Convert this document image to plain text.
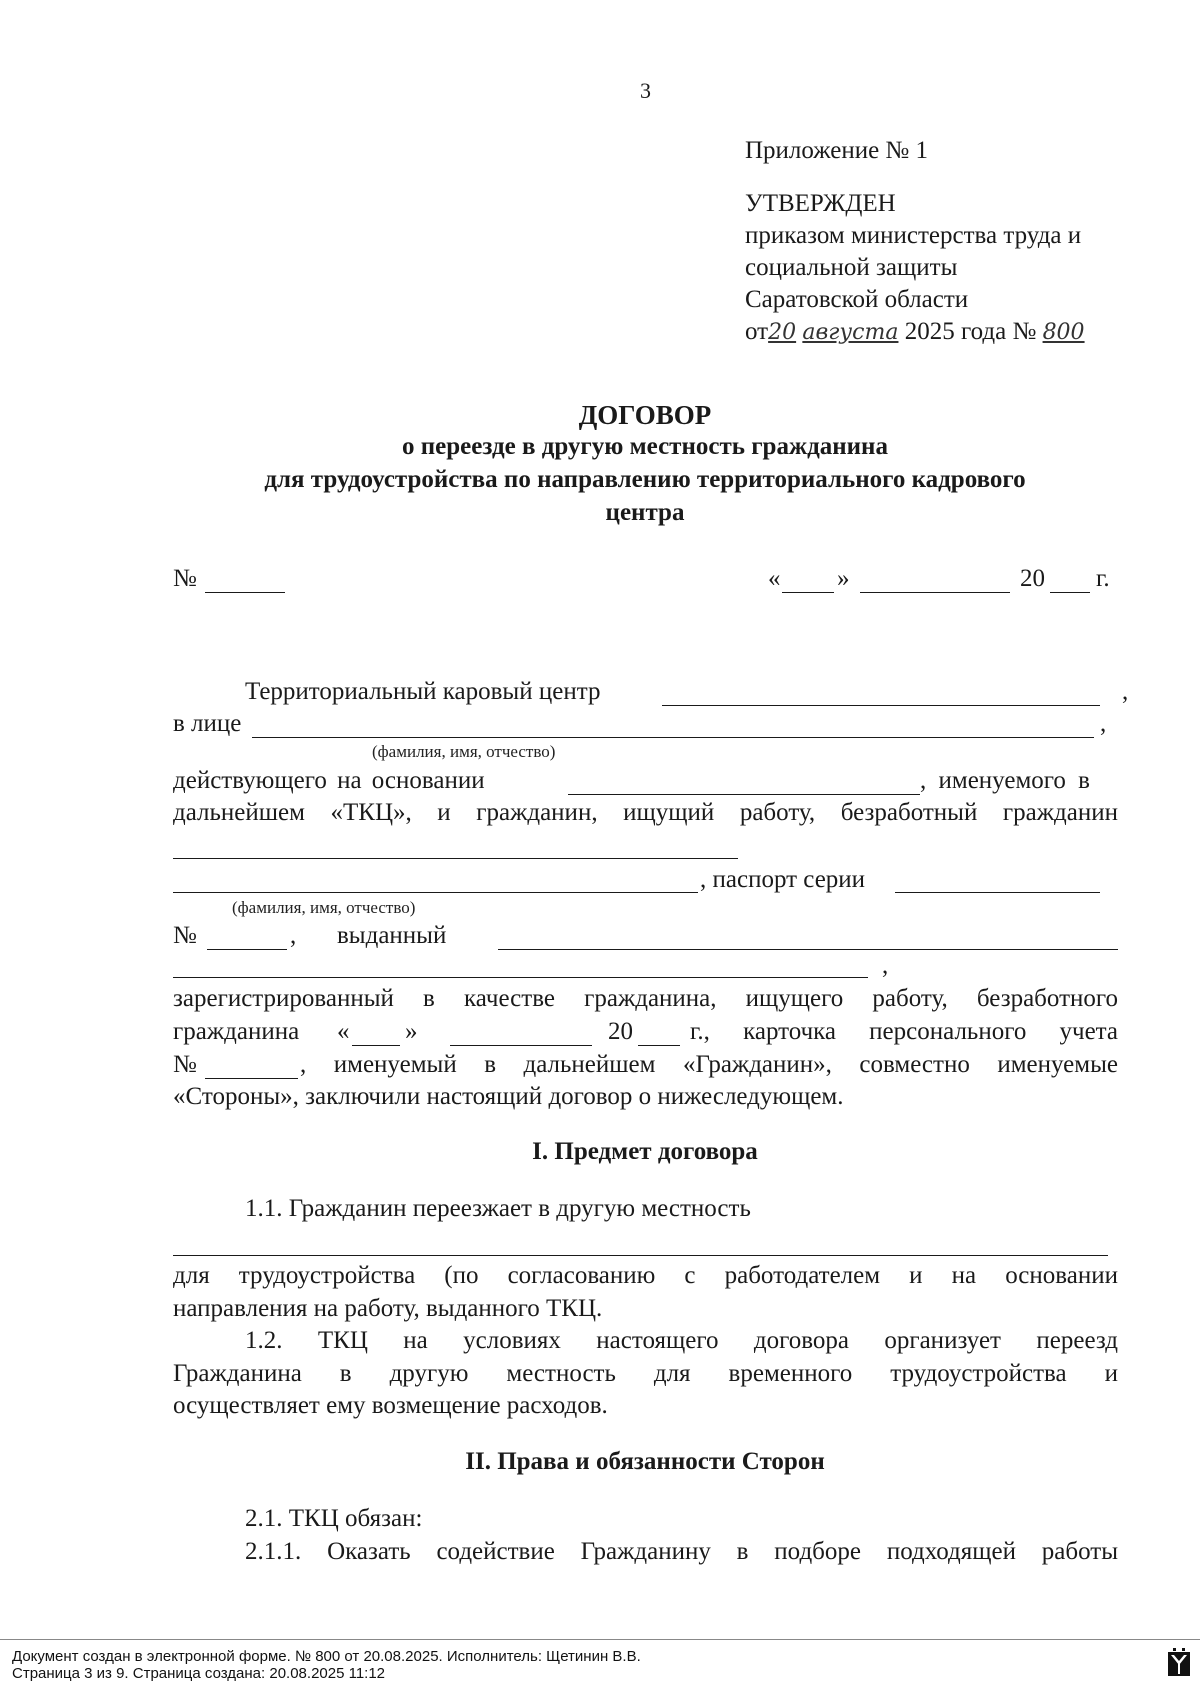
3
Приложение № 1
УТВЕРЖДЕН
приказом министерства труда и
социальной защиты
Саратовской области
от20 августа 2025 года № 800
ДОГОВОР
о переезде в другую местность гражданина
для трудоустройства по направлению территориального кадрового
центра
№	« »	20 г.
Территориальный каровый центр	,
в лице	,
(фамилия, имя, отчество)
действующего на основании	, именуемого в
дальнейшем «ТКЦ», и гражданин, ищущий работу, безработный гражданин
, паспорт серии
(фамилия, имя, отчество)
№	, выданный
,
зарегистрированный в качестве гражданина, ищущего работу, безработного
гражданина « »	20 г., карточка персонального учета
№	, именуемый в дальнейшем «Гражданин», совместно именуемые
«Стороны», заключили настоящий договор о нижеследующем.
I. Предмет договора
1.1. Гражданин переезжает в другую местность
для трудоустройства (по согласованию с работодателем и на основании
направления на работу, выданного ТКЦ.
1.2. ТКЦ на условиях настоящего договора организует переезд
Гражданина в другую местность для временного трудоустройства и
осуществляет ему возмещение расходов.
II. Права и обязанности Сторон
2.1. ТКЦ обязан:
2.1.1. Оказать содействие Гражданину в подборе подходящей работы
Документ создан в электронной форме. № 800 от 20.08.2025. Исполнитель: Щетинин В.В.
Страница 3 из 9. Страница создана: 20.08.2025 11:12
